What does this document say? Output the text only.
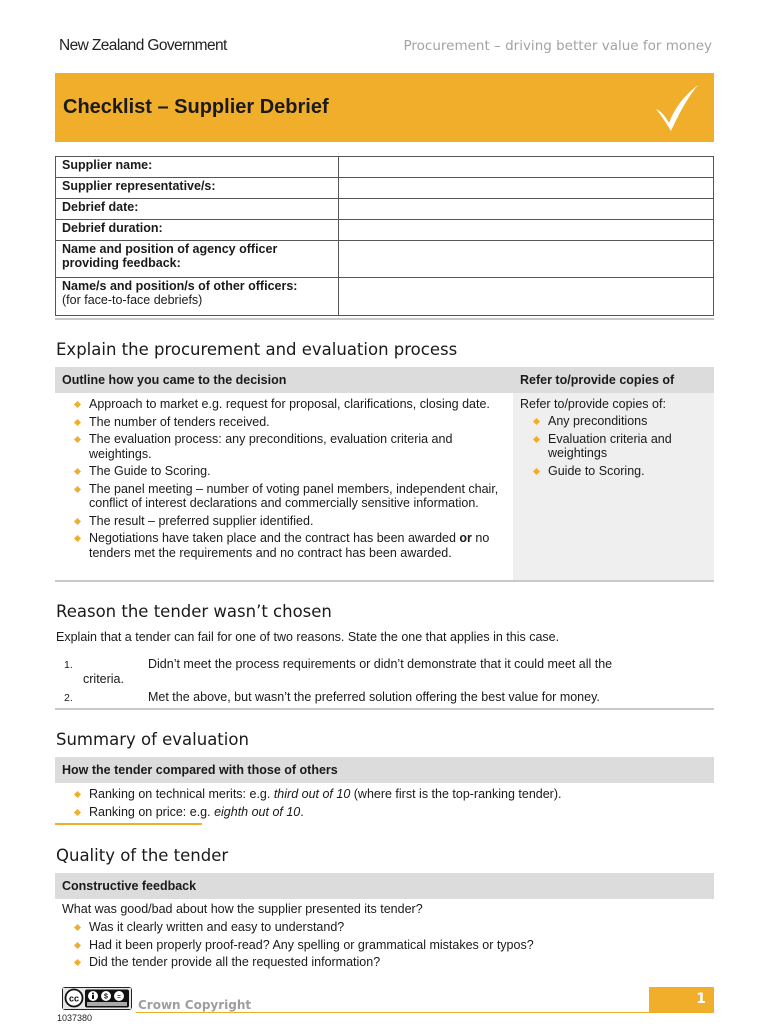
New Zealand Government	Procurement – driving better value for money
Checklist – Supplier Debrief
Supplier name:	
Supplier representative/s:	
Debrief date:	
Debrief duration:	
Name and position of agency officer providing feedback:	
Name/s and position/s of other officers:
(for face-to-face debriefs)	

Explain the procurement and evaluation process
Outline how you came to the decision	Refer to/provide copies of
Approach to market e.g. request for proposal, clarifications, closing date.
The number of tenders received.
The evaluation process: any preconditions, evaluation criteria and weightings.
The Guide to Scoring.
The panel meeting – number of voting panel members, independent chair, conflict of interest declarations and commercially sensitive information.
The result – preferred supplier identified.
Negotiations have taken place and the contract has been awarded or no tenders met the requirements and no contract has been awarded.
Refer to/provide copies of:
Any preconditions
Evaluation criteria and weightings
Guide to Scoring.
Reason the tender wasn’t chosen
Explain that a tender can fail for one of two reasons. State the one that applies in this case.
1.	Didn’t meet the process requirements or didn’t demonstrate that it could meet all the
criteria.
2.	Met the above, but wasn’t the preferred solution offering the best value for money.
Summary of evaluation
How the tender compared with those of others
Ranking on technical merits: e.g. third out of 10 (where first is the top-ranking tender).
Ranking on price: e.g. eighth out of 10.
Quality of the tender
Constructive feedback
What was good/bad about how the supplier presented its tender?
Was it clearly written and easy to understand?
Had it been properly proof-read? Any spelling or grammatical mistakes or typos?
Did the tender provide all the requested information?
cc	$ =
1037380
Crown Copyright	1
